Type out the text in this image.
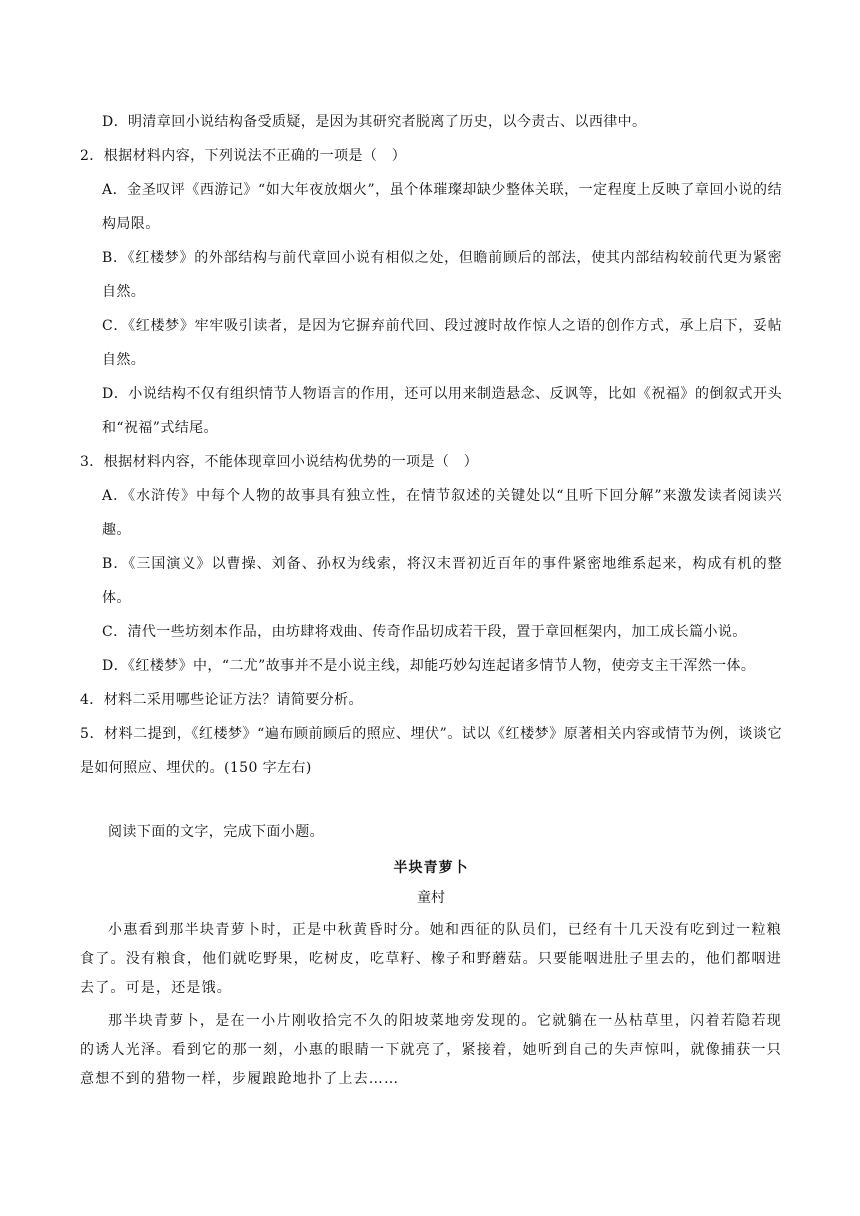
D．明清章回小说结构备受质疑，是因为其研究者脱离了历史，以今责古、以西律中。
2．根据材料内容，下列说法不正确的一项是（　）
A．金圣叹评《西游记》“如大年夜放烟火”，虽个体璀璨却缺少整体关联，一定程度上反映了章回小说的结构局限。
B．《红楼梦》的外部结构与前代章回小说有相似之处，但瞻前顾后的部法，使其内部结构较前代更为紧密自然。
C．《红楼梦》牢牢吸引读者，是因为它摒弃前代回、段过渡时故作惊人之语的创作方式，承上启下，妥帖自然。
D．小说结构不仅有组织情节人物语言的作用，还可以用来制造悬念、反讽等，比如《祝福》的倒叙式开头和“祝福”式结尾。
3．根据材料内容，不能体现章回小说结构优势的一项是（　）
A．《水浒传》中每个人物的故事具有独立性，在情节叙述的关键处以“且听下回分解”来激发读者阅读兴趣。
B．《三国演义》以曹操、刘备、孙权为线索，将汉末晋初近百年的事件紧密地维系起来，构成有机的整体。
C．清代一些坊刻本作品，由坊肆将戏曲、传奇作品切成若干段，置于章回框架内，加工成长篇小说。
D．《红楼梦》中，“二尤”故事并不是小说主线，却能巧妙勾连起诸多情节人物，使旁支主干浑然一体。
4．材料二采用哪些论证方法？请简要分析。
5．材料二提到，《红楼梦》“遍布顾前顾后的照应、埋伏”。试以《红楼梦》原著相关内容或情节为例，谈谈它是如何照应、埋伏的。(150 字左右)
阅读下面的文字，完成下面小题。
半块青萝卜
童村
小惠看到那半块青萝卜时，正是中秋黄昏时分。她和西征的队员们，已经有十几天没有吃到过一粒粮食了。没有粮食，他们就吃野果，吃树皮，吃草籽、橡子和野蘑菇。只要能咽进肚子里去的，他们都咽进去了。可是，还是饿。
那半块青萝卜，是在一小片刚收拾完不久的阳坡菜地旁发现的。它就躺在一丛枯草里，闪着若隐若现的诱人光泽。看到它的那一刻，小惠的眼睛一下就亮了，紧接着，她听到自己的失声惊叫，就像捕获一只意想不到的猎物一样，步履踉跄地扑了上去……
